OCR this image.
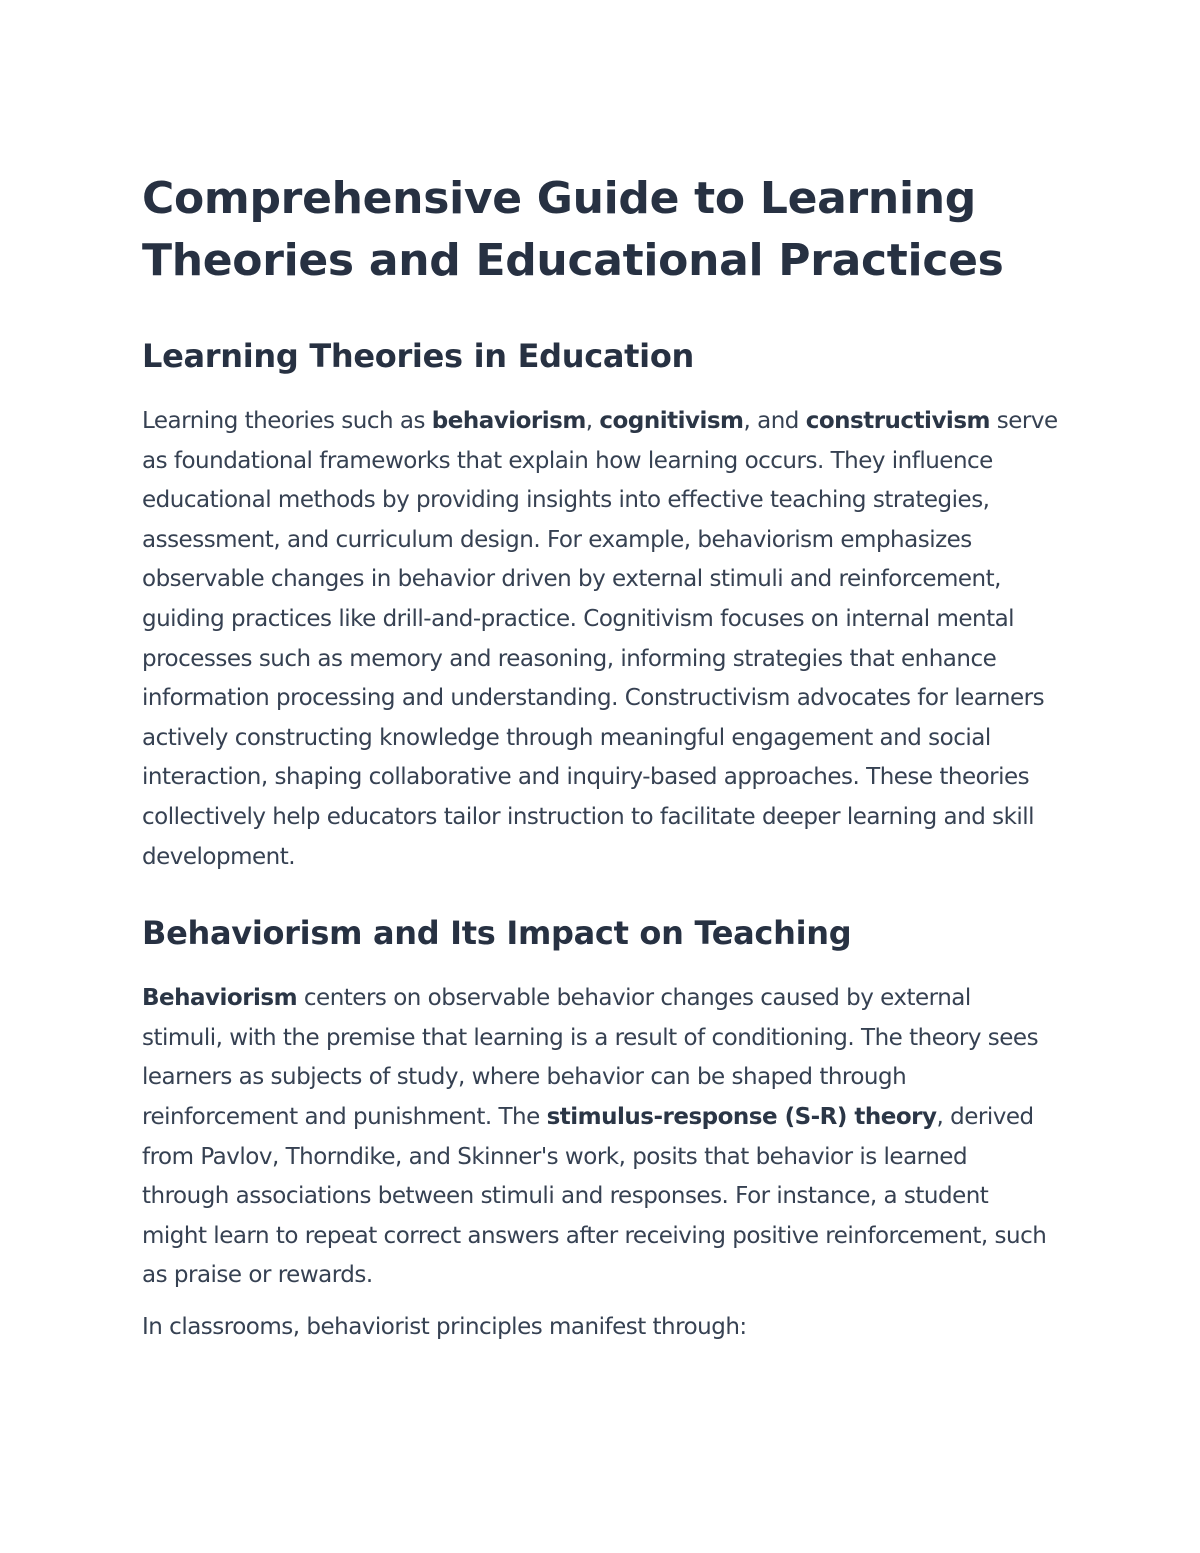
Comprehensive Guide to Learning Theories and Educational Practices
Learning Theories in Education

Learning theories such as behaviorism, cognitivism, and constructivism serve as foundational frameworks that explain how learning occurs. They influence educational methods by providing insights into effective teaching strategies, assessment, and curriculum design. For example, behaviorism emphasizes observable changes in behavior driven by external stimuli and reinforcement, guiding practices like drill-and-practice. Cognitivism focuses on internal mental processes such as memory and reasoning, informing strategies that enhance information processing and understanding. Constructivism advocates for learners actively constructing knowledge through meaningful engagement and social interaction, shaping collaborative and inquiry-based approaches. These theories collectively help educators tailor instruction to facilitate deeper learning and skill development.

Behaviorism and Its Impact on Teaching

Behaviorism centers on observable behavior changes caused by external stimuli, with the premise that learning is a result of conditioning. The theory sees learners as subjects of study, where behavior can be shaped through reinforcement and punishment. The stimulus-response (S-R) theory, derived from Pavlov, Thorndike, and Skinner's work, posits that behavior is learned through associations between stimuli and responses. For instance, a student might learn to repeat correct answers after receiving positive reinforcement, such as praise or rewards.

In classrooms, behaviorist principles manifest through:
